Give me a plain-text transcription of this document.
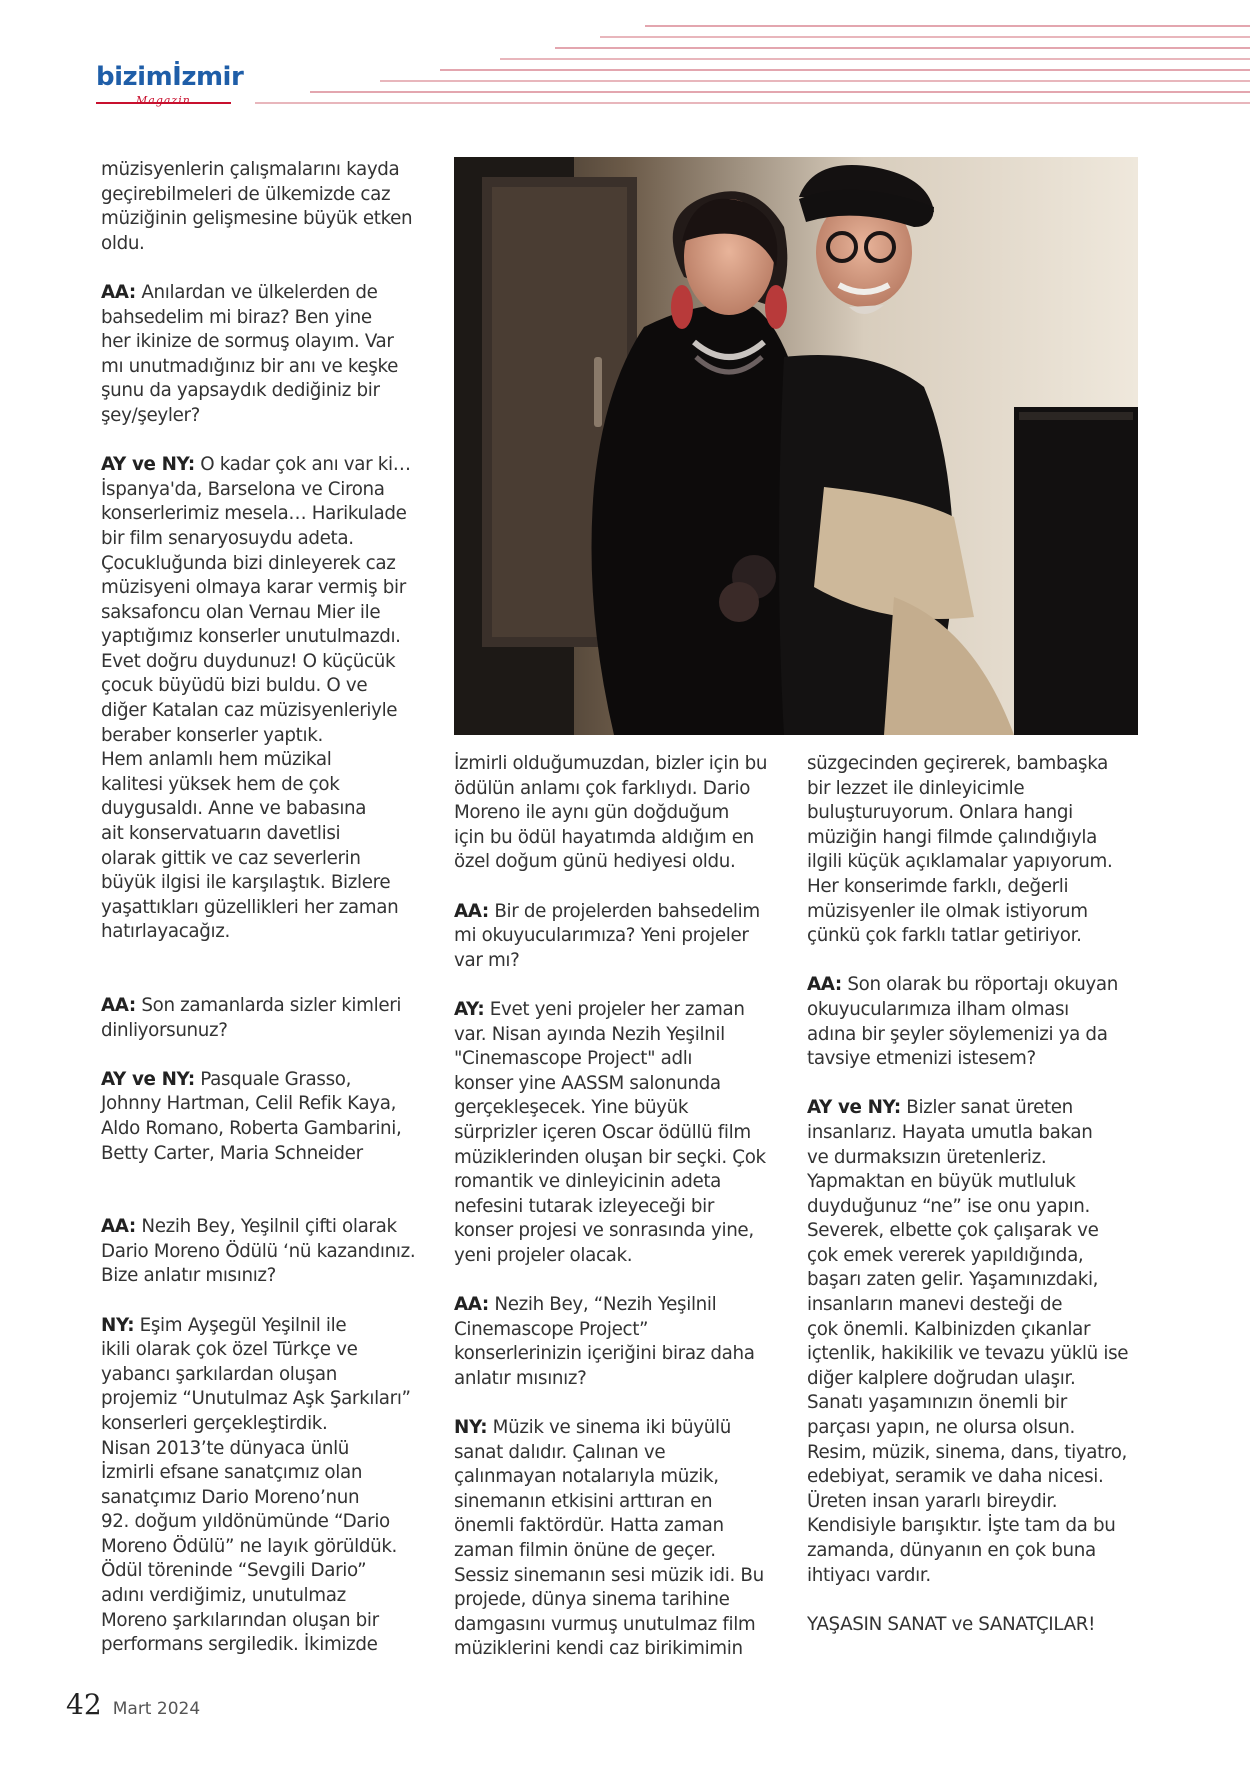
bizimİzmir
Magazin

müzisyenlerin çalışmalarını kayda
geçirebilmeleri de ülkemizde caz
müziğinin gelişmesine büyük etken
oldu.

AA: Anılardan ve ülkelerden de
bahsedelim mi biraz? Ben yine
her ikinize de sormuş olayım. Var
mı unutmadığınız bir anı ve keşke
şunu da yapsaydık dediğiniz bir
şey/şeyler?

AY ve NY: O kadar çok anı var ki…
İspanya'da, Barselona ve Cirona
konserlerimiz mesela… Harikulade
bir film senaryosuydu adeta.
Çocukluğunda bizi dinleyerek caz
müzisyeni olmaya karar vermiş bir
saksafoncu olan Vernau Mier ile
yaptığımız konserler unutulmazdı.
Evet doğru duydunuz! O küçücük
çocuk büyüdü bizi buldu. O ve
diğer Katalan caz müzisyenleriyle
beraber konserler yaptık.
Hem anlamlı hem müzikal
kalitesi yüksek hem de çok
duygusaldı. Anne ve babasına
ait konservatuarın davetlisi
olarak gittik ve caz severlerin
büyük ilgisi ile karşılaştık. Bizlere
yaşattıkları güzellikleri her zaman
hatırlayacağız.

AA: Son zamanlarda sizler kimleri
dinliyorsunuz?

AY ve NY: Pasquale Grasso,
Johnny Hartman, Celil Refik Kaya,
Aldo Romano, Roberta Gambarini,
Betty Carter, Maria Schneider

AA: Nezih Bey, Yeşilnil çifti olarak
Dario Moreno Ödülü ‘nü kazandınız.
Bize anlatır mısınız?

NY: Eşim Ayşegül Yeşilnil ile
ikili olarak çok özel Türkçe ve
yabancı şarkılardan oluşan
projemiz “Unutulmaz Aşk Şarkıları”
konserleri gerçekleştirdik.
Nisan 2013’te dünyaca ünlü
İzmirli efsane sanatçımız olan
sanatçımız Dario Moreno’nun
92. doğum yıldönümünde “Dario
Moreno Ödülü” ne layık görüldük.
Ödül töreninde “Sevgili Dario”
adını verdiğimiz, unutulmaz
Moreno şarkılarından oluşan bir
performans sergiledik. İkimizde

İzmirli olduğumuzdan, bizler için bu
ödülün anlamı çok farklıydı. Dario
Moreno ile aynı gün doğduğum
için bu ödül hayatımda aldığım en
özel doğum günü hediyesi oldu.

AA: Bir de projelerden bahsedelim
mi okuyucularımıza? Yeni projeler
var mı?

AY: Evet yeni projeler her zaman
var. Nisan ayında Nezih Yeşilnil
"Cinemascope Project" adlı
konser yine AASSM salonunda
gerçekleşecek. Yine büyük
sürprizler içeren Oscar ödüllü film
müziklerinden oluşan bir seçki. Çok
romantik ve dinleyicinin adeta
nefesini tutarak izleyeceği bir
konser projesi ve sonrasında yine,
yeni projeler olacak.

AA: Nezih Bey, “Nezih Yeşilnil
Cinemascope Project”
konserlerinizin içeriğini biraz daha
anlatır mısınız?

NY: Müzik ve sinema iki büyülü
sanat dalıdır. Çalınan ve
çalınmayan notalarıyla müzik,
sinemanın etkisini arttıran en
önemli faktördür. Hatta zaman
zaman filmin önüne de geçer.
Sessiz sinemanın sesi müzik idi. Bu
projede, dünya sinema tarihine
damgasını vurmuş unutulmaz film
müziklerini kendi caz birikimimin

süzgecinden geçirerek, bambaşka
bir lezzet ile dinleyicimle
buluşturuyorum. Onlara hangi
müziğin hangi filmde çalındığıyla
ilgili küçük açıklamalar yapıyorum.
Her konserimde farklı, değerli
müzisyenler ile olmak istiyorum
çünkü çok farklı tatlar getiriyor.

AA: Son olarak bu röportajı okuyan
okuyucularımıza ilham olması
adına bir şeyler söylemenizi ya da
tavsiye etmenizi istesem?

AY ve NY: Bizler sanat üreten
insanlarız. Hayata umutla bakan
ve durmaksızın üretenleriz.
Yapmaktan en büyük mutluluk
duyduğunuz “ne” ise onu yapın.
Severek, elbette çok çalışarak ve
çok emek vererek yapıldığında,
başarı zaten gelir. Yaşamınızdaki,
insanların manevi desteği de
çok önemli. Kalbinizden çıkanlar
içtenlik, hakikilik ve tevazu yüklü ise
diğer kalplere doğrudan ulaşır.
Sanatı yaşamınızın önemli bir
parçası yapın, ne olursa olsun.
Resim, müzik, sinema, dans, tiyatro,
edebiyat, seramik ve daha nicesi.
Üreten insan yararlı bireydir.
Kendisiyle barışıktır. İşte tam da bu
zamanda, dünyanın en çok buna
ihtiyacı vardır.

YAŞASIN SANAT ve SANATÇILAR!

42 Mart 2024
